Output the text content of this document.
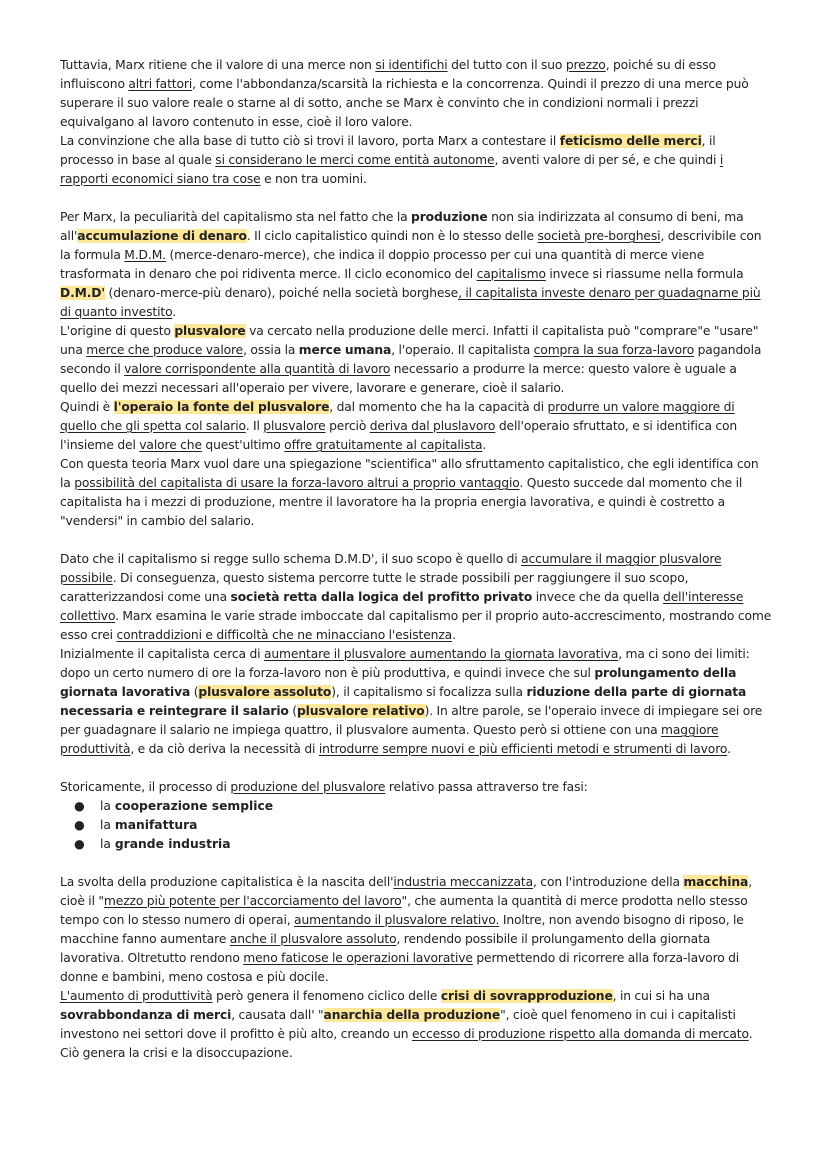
Tuttavia, Marx ritiene che il valore di una merce non si identifichi del tutto con il suo prezzo, poiché su di esso influiscono altri fattori, come l'abbondanza/scarsità la richiesta e la concorrenza. Quindi il prezzo di una merce può superare il suo valore reale o starne al di sotto, anche se Marx è convinto che in condizioni normali i prezzi equivalgano al lavoro contenuto in esse, cioè il loro valore.

La convinzione che alla base di tutto ciò si trovi il lavoro, porta Marx a contestare il feticismo delle merci, il processo in base al quale si considerano le merci come entità autonome, aventi valore di per sé, e che quindi i rapporti economici siano tra cose e non tra uomini.

Per Marx, la peculiarità del capitalismo sta nel fatto che la produzione non sia indirizzata al consumo di beni, ma all'accumulazione di denaro. Il ciclo capitalistico quindi non è lo stesso delle società pre-borghesi, descrivibile con la formula M.D.M. (merce-denaro-merce), che indica il doppio processo per cui una quantità di merce viene trasformata in denaro che poi ridiventa merce. Il ciclo economico del capitalismo invece si riassume nella formula D.M.D' (denaro-merce-più denaro), poiché nella società borghese, il capitalista investe denaro per guadagnarne più di quanto investito.

L'origine di questo plusvalore va cercato nella produzione delle merci. Infatti il capitalista può "comprare"e "usare" una merce che produce valore, ossia la merce umana, l'operaio. Il capitalista compra la sua forza-lavoro pagandola secondo il valore corrispondente alla quantità di lavoro necessario a produrre la merce: questo valore è uguale a quello dei mezzi necessari all'operaio per vivere, lavorare e generare, cioè il salario.

Quindi è l'operaio la fonte del plusvalore, dal momento che ha la capacità di produrre un valore maggiore di quello che gli spetta col salario. Il plusvalore perciò deriva dal pluslavoro dell'operaio sfruttato, e si identifica con l'insieme del valore che quest'ultimo offre gratuitamente al capitalista.

Con questa teoria Marx vuol dare una spiegazione "scientifica" allo sfruttamento capitalistico, che egli identifica con la possibilità del capitalista di usare la forza-lavoro altrui a proprio vantaggio. Questo succede dal momento che il capitalista ha i mezzi di produzione, mentre il lavoratore ha la propria energia lavorativa, e quindi è costretto a "vendersi" in cambio del salario.

Dato che il capitalismo si regge sullo schema D.M.D', il suo scopo è quello di accumulare il maggior plusvalore possibile. Di conseguenza, questo sistema percorre tutte le strade possibili per raggiungere il suo scopo, caratterizzandosi come una società retta dalla logica del profitto privato invece che da quella dell'interesse collettivo. Marx esamina le varie strade imboccate dal capitalismo per il proprio auto-accrescimento, mostrando come esso crei contraddizioni e difficoltà che ne minacciano l'esistenza.

Inizialmente il capitalista cerca di aumentare il plusvalore aumentando la giornata lavorativa, ma ci sono dei limiti: dopo un certo numero di ore la forza-lavoro non è più produttiva, e quindi invece che sul prolungamento della giornata lavorativa (plusvalore assoluto), il capitalismo si focalizza sulla riduzione della parte di giornata necessaria e reintegrare il salario (plusvalore relativo). In altre parole, se l'operaio invece di impiegare sei ore per guadagnare il salario ne impiega quattro, il plusvalore aumenta. Questo però si ottiene con una maggiore produttività, e da ciò deriva la necessità di introdurre sempre nuovi e più efficienti metodi e strumenti di lavoro.

Storicamente, il processo di produzione del plusvalore relativo passa attraverso tre fasi:

● la cooperazione semplice
● la manifattura
● la grande industria

La svolta della produzione capitalistica è la nascita dell'industria meccanizzata, con l'introduzione della macchina, cioè il "mezzo più potente per l'accorciamento del lavoro", che aumenta la quantità di merce prodotta nello stesso tempo con lo stesso numero di operai, aumentando il plusvalore relativo. Inoltre, non avendo bisogno di riposo, le macchine fanno aumentare anche il plusvalore assoluto, rendendo possibile il prolungamento della giornata lavorativa. Oltretutto rendono meno faticose le operazioni lavorative permettendo di ricorrere alla forza-lavoro di donne e bambini, meno costosa e più docile.

L'aumento di produttività però genera il fenomeno ciclico delle crisi di sovrapproduzione, in cui si ha una sovrabbondanza di merci, causata dall' "anarchia della produzione", cioè quel fenomeno in cui i capitalisti investono nei settori dove il profitto è più alto, creando un eccesso di produzione rispetto alla domanda di mercato. Ciò genera la crisi e la disoccupazione.
